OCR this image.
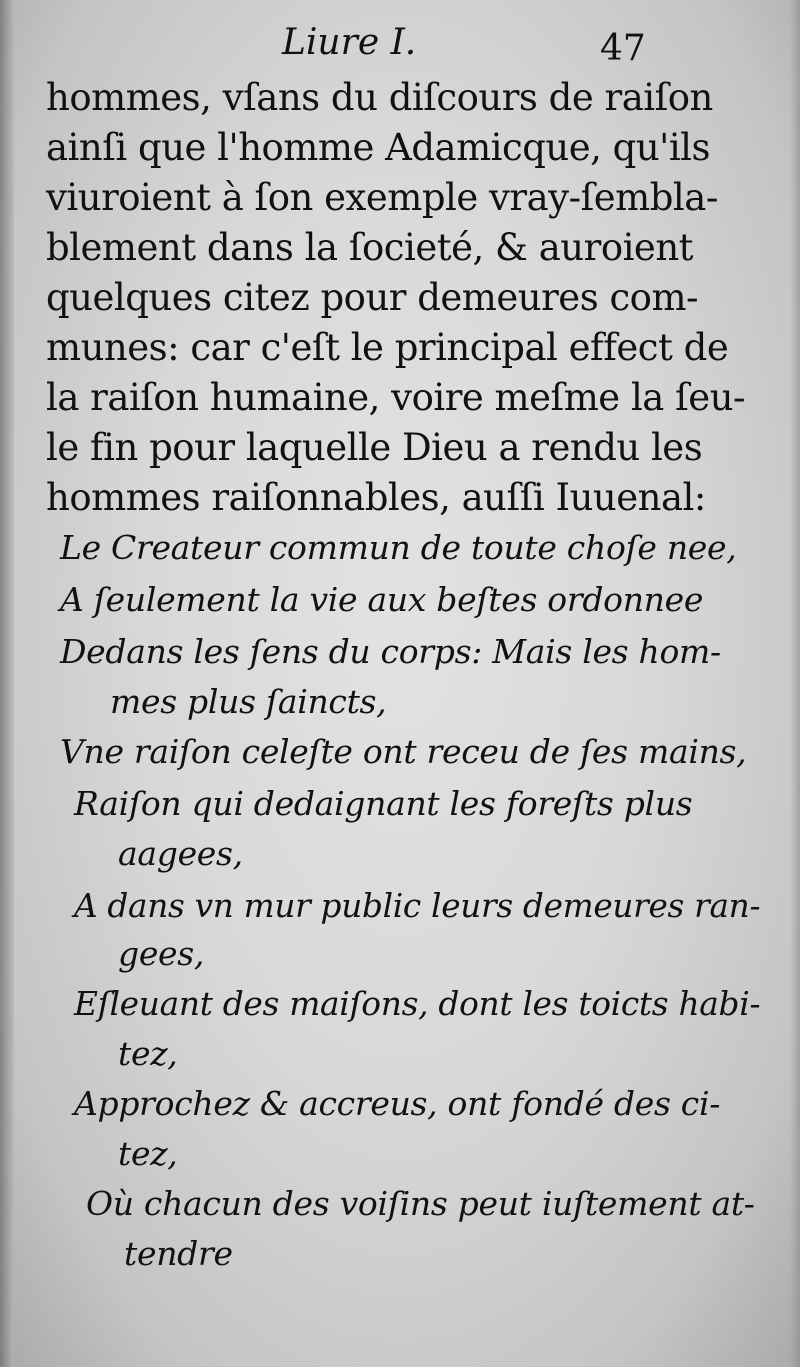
Liure I.	47
hommes, vſans du diſcours de raiſon
ainſi que l'homme Adamicque, qu'ils
viuroient à ſon exemple vray-ſembla-
blement dans la ſocieté, & auroient
quelques citez pour demeures com-
munes: car c'eſt le principal effect de
la raiſon humaine, voire meſme la ſeu-
le fin pour laquelle Dieu a rendu les
hommes raiſonnables, auſſi Iuuenal:
Le Createur commun de toute choſe nee,
A ſeulement la vie aux beſtes ordonnee
Dedans les ſens du corps: Mais les hom-
mes plus ſaincts,
Vne raiſon celeſte ont receu de ſes mains,
Raiſon qui dedaignant les foreſts plus
aagees,
A dans vn mur public leurs demeures ran-
gees,
Eſleuant des maiſons, dont les toicts habi-
tez,
Approchez & accreus, ont fondé des ci-
tez,
Où chacun des voiſins peut iuſtement at-
tendre
